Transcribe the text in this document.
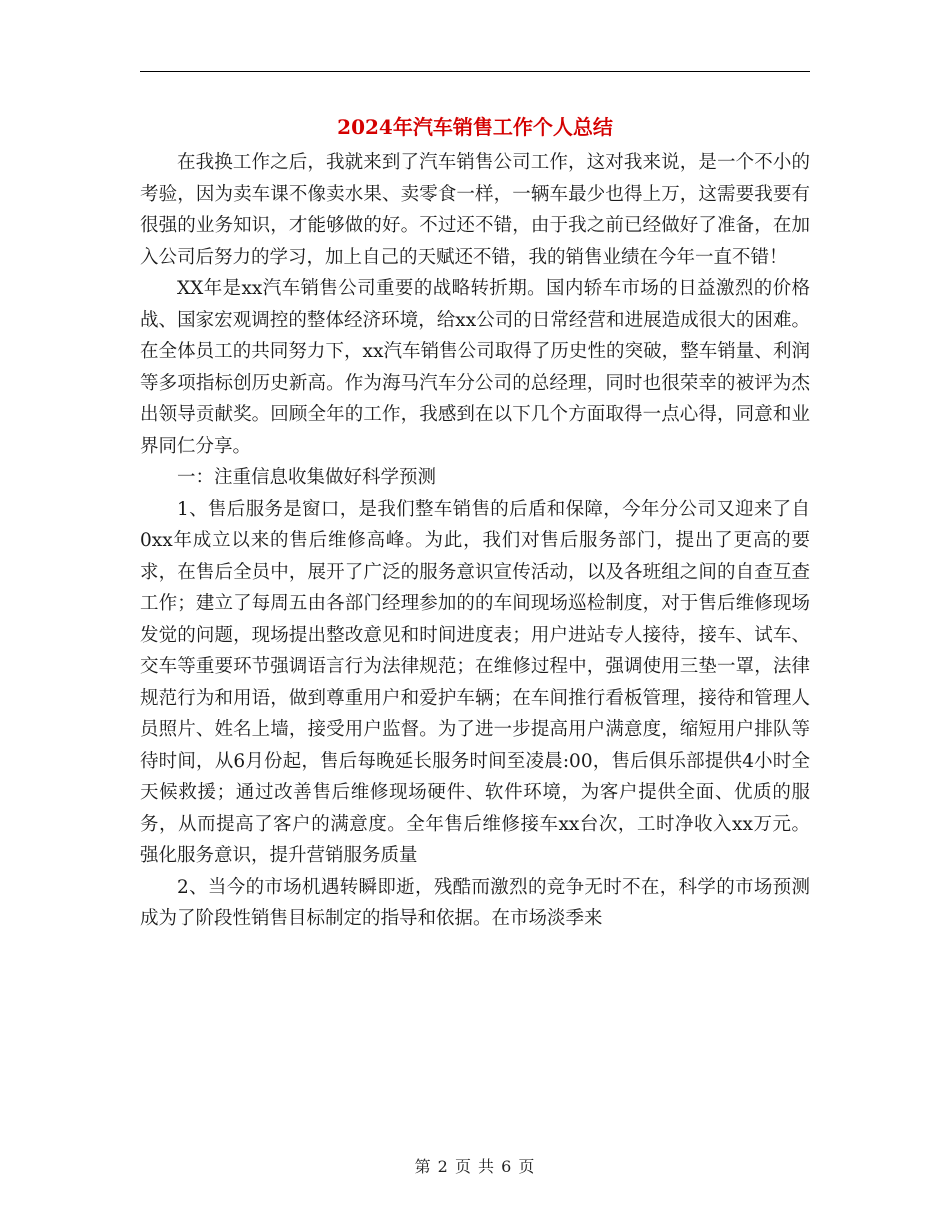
2024年汽车销售工作个人总结

在我换工作之后，我就来到了汽车销售公司工作，这对我来说，是一个不小的考验，因为卖车课不像卖水果、卖零食一样，一辆车最少也得上万，这需要我要有很强的业务知识，才能够做的好。不过还不错，由于我之前已经做好了准备，在加入公司后努力的学习，加上自己的天赋还不错，我的销售业绩在今年一直不错！

XX年是xx汽车销售公司重要的战略转折期。国内轿车市场的日益激烈的价格战、国家宏观调控的整体经济环境，给xx公司的日常经营和进展造成很大的困难。在全体员工的共同努力下，xx汽车销售公司取得了历史性的突破，整车销量、利润等多项指标创历史新高。作为海马汽车分公司的总经理，同时也很荣幸的被评为杰出领导贡献奖。回顾全年的工作，我感到在以下几个方面取得一点心得，同意和业界同仁分享。

一：注重信息收集做好科学预测

1、售后服务是窗口，是我们整车销售的后盾和保障，今年分公司又迎来了自0xx年成立以来的售后维修高峰。为此，我们对售后服务部门，提出了更高的要求，在售后全员中，展开了广泛的服务意识宣传活动，以及各班组之间的自查互查工作；建立了每周五由各部门经理参加的的车间现场巡检制度，对于售后维修现场发觉的问题，现场提出整改意见和时间进度表；用户进站专人接待，接车、试车、交车等重要环节强调语言行为法律规范；在维修过程中，强调使用三垫一罩，法律规范行为和用语，做到尊重用户和爱护车辆；在车间推行看板管理，接待和管理人员照片、姓名上墙，接受用户监督。为了进一步提高用户满意度，缩短用户排队等待时间，从6月份起，售后每晚延长服务时间至凌晨:00，售后俱乐部提供4小时全天候救援；通过改善售后维修现场硬件、软件环境，为客户提供全面、优质的服务，从而提高了客户的满意度。全年售后维修接车xx台次，工时净收入xx万元。强化服务意识，提升营销服务质量

2、当今的市场机遇转瞬即逝，残酷而激烈的竞争无时不在，科学的市场预测成为了阶段性销售目标制定的指导和依据。在市场淡季来

第 2 页 共 6 页
